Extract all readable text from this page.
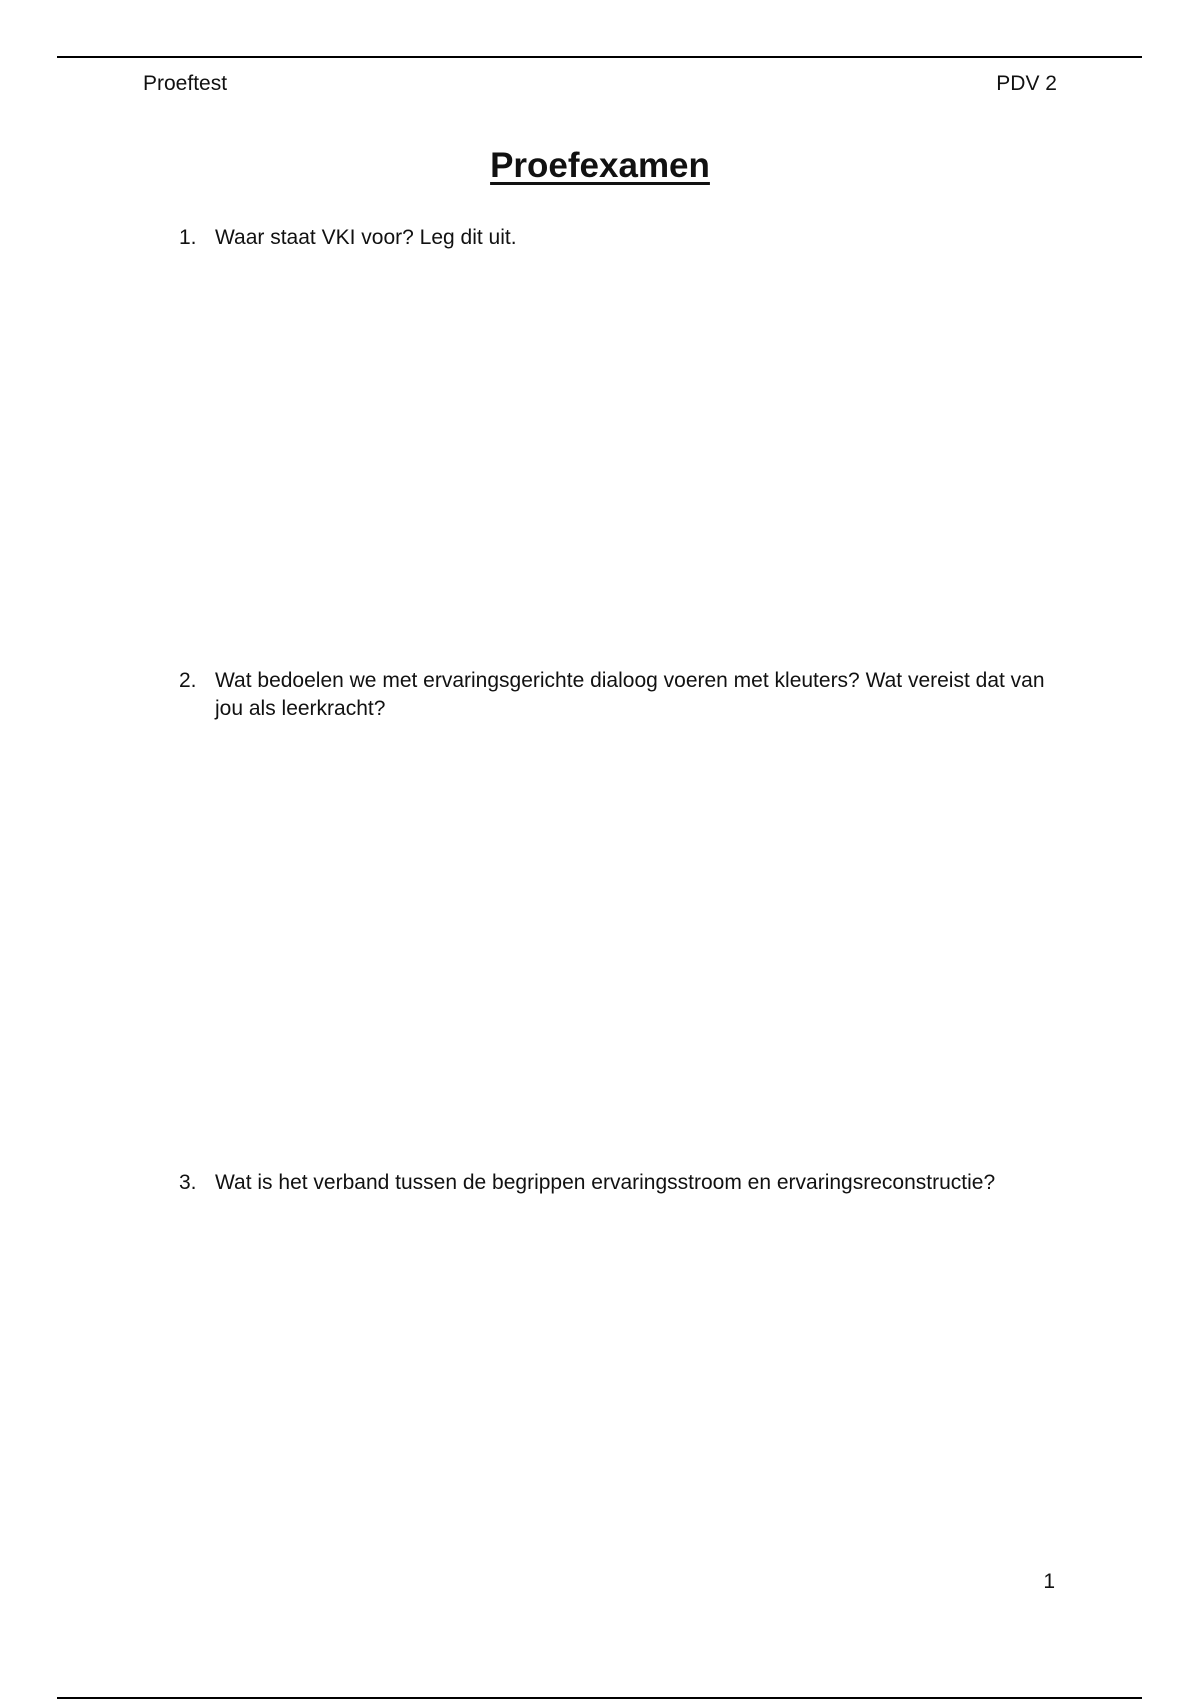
Proeftest	PDV 2
Proefexamen
1. Waar staat VKI voor? Leg dit uit.
2. Wat bedoelen we met ervaringsgerichte dialoog voeren met kleuters? Wat vereist dat van jou als leerkracht?
3. Wat is het verband tussen de begrippen ervaringsstroom en ervaringsreconstructie?
1
